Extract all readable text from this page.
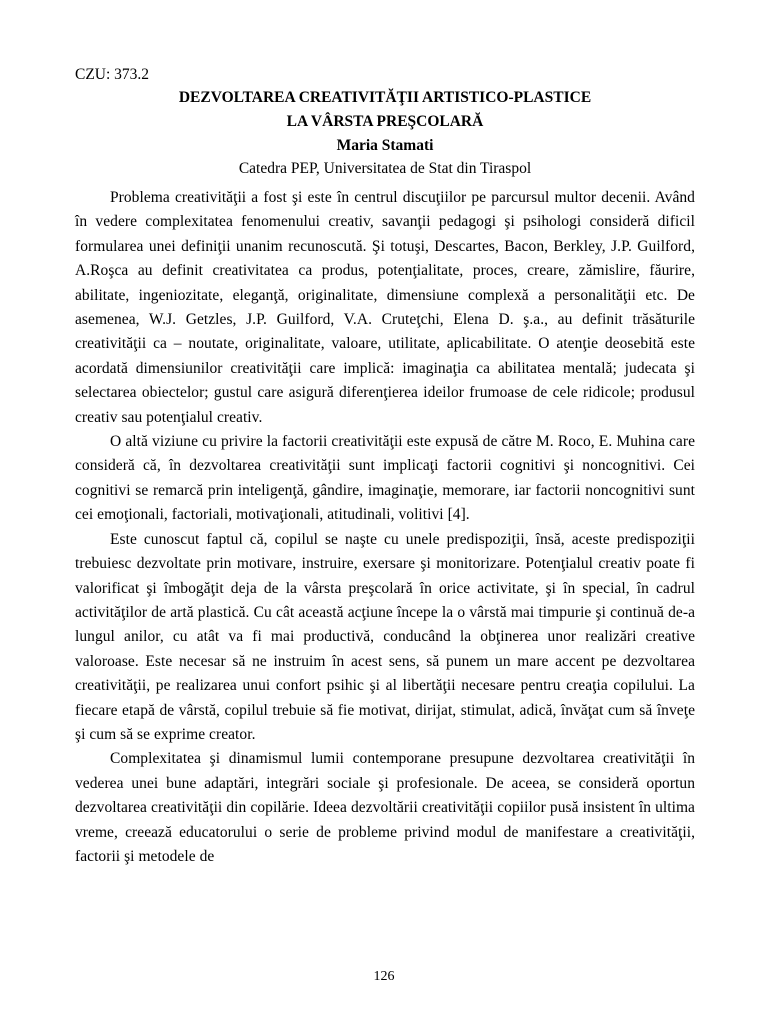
CZU: 373.2

DEZVOLTAREA CREATIVITĂŢII ARTISTICO-PLASTICE

LA VÂRSTA PREŞCOLARĂ

Maria Stamati

Catedra PEP, Universitatea de Stat din Tiraspol

Problema creativităţii a fost şi este în centrul discuţiilor pe parcursul multor decenii. Având în vedere complexitatea fenomenului creativ, savanţii pedagogi şi psihologi consideră dificil formularea unei definiţii unanim recunoscută. Şi totuşi, Descartes, Bacon, Berkley, J.P. Guilford, A.Roşca au definit creativitatea ca produs, potenţialitate, proces, creare, zămislire, făurire, abilitate, ingeniozitate, eleganţă, originalitate, dimensiune complexă a personalităţii etc. De asemenea, W.J. Getzles, J.P. Guilford, V.A. Cruteţchi, Elena D. ş.a., au definit trăsăturile creativităţii ca – noutate, originalitate, valoare, utilitate, aplicabilitate. O atenţie deosebită este acordată dimensiunilor creativităţii care implică: imaginaţia ca abilitatea mentală; judecata şi selectarea obiectelor; gustul care asigură diferenţierea ideilor frumoase de cele ridicole; produsul creativ sau potenţialul creativ.

O altă viziune cu privire la factorii creativităţii este expusă de către M. Roco, E. Muhina care consideră că, în dezvoltarea creativităţii sunt implicaţi factorii cognitivi şi noncognitivi. Cei cognitivi se remarcă prin inteligenţă, gândire, imaginaţie, memorare, iar factorii noncognitivi sunt cei emoţionali, factoriali, motivaţionali, atitudinali, volitivi [4].

Este cunoscut faptul că, copilul se naşte cu unele predispoziţii, însă, aceste predispoziţii trebuiesc dezvoltate prin motivare, instruire, exersare şi monitorizare. Potenţialul creativ poate fi valorificat şi îmbogăţit deja de la vârsta preşcolară în orice activitate, şi în special, în cadrul activităţilor de artă plastică. Cu cât această acţiune începe la o vârstă mai timpurie şi continuă de-a lungul anilor, cu atât va fi mai productivă, conducând la obţinerea unor realizări creative valoroase. Este necesar să ne instruim în acest sens, să punem un mare accent pe dezvoltarea creativităţii, pe realizarea unui confort psihic şi al libertăţii necesare pentru creaţia copilului. La fiecare etapă de vârstă, copilul trebuie să fie motivat, dirijat, stimulat, adică, învăţat cum să înveţe şi cum să se exprime creator.

Complexitatea şi dinamismul lumii contemporane presupune dezvoltarea creativităţii în vederea unei bune adaptări, integrări sociale şi profesionale. De aceea, se consideră oportun dezvoltarea creativităţii din copilărie. Ideea dezvoltării creativităţii copiilor pusă insistent în ultima vreme, creează educatorului o serie de probleme privind modul de manifestare a creativităţii, factorii şi metodele de

126
